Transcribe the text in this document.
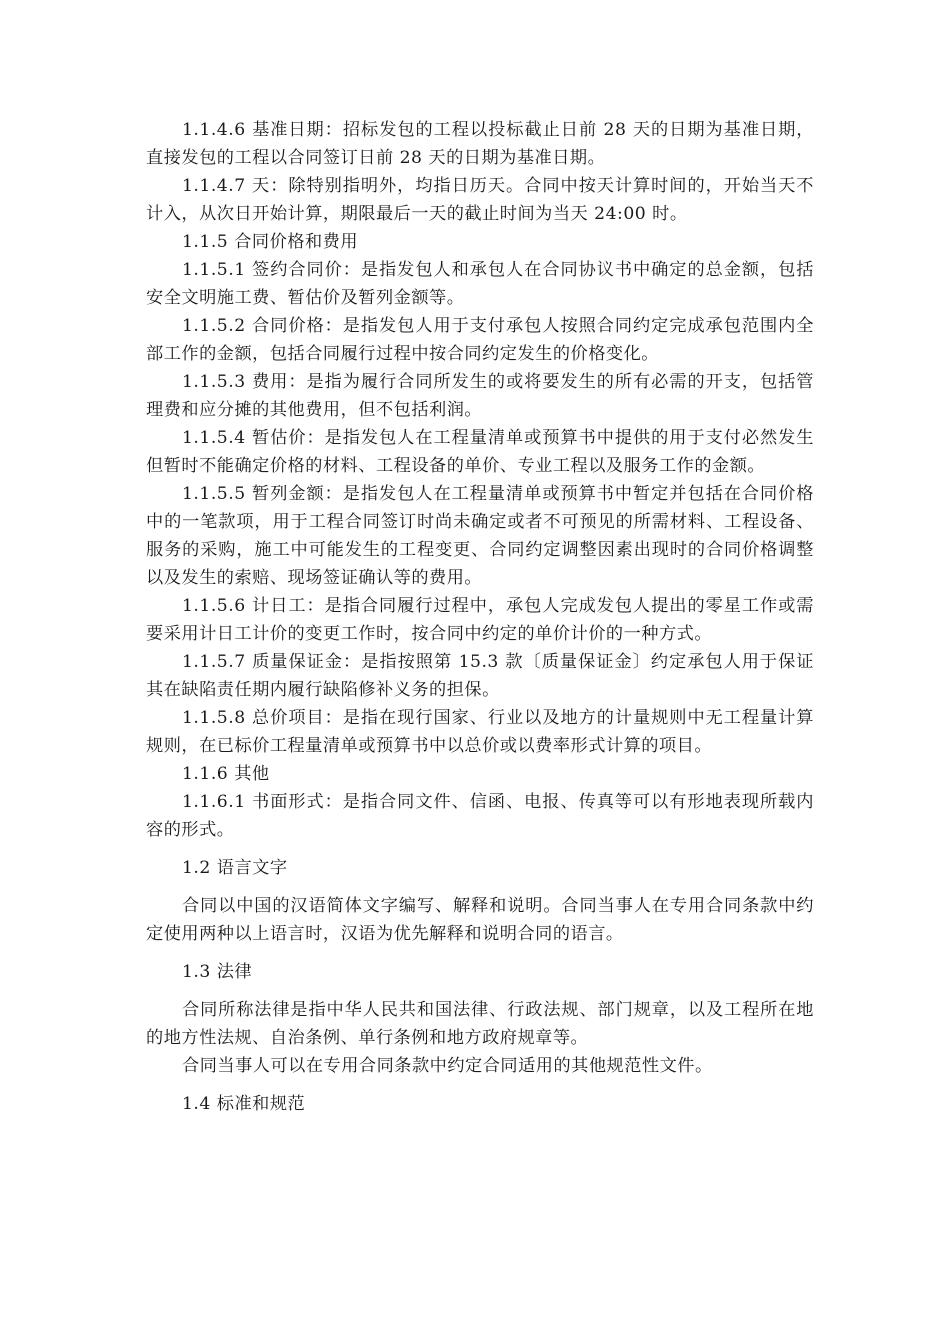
1.1.4.6 基准日期：招标发包的工程以投标截止日前 28 天的日期为基准日期，直接发包的工程以合同签订日前 28 天的日期为基准日期。

1.1.4.7 天：除特别指明外，均指日历天。合同中按天计算时间的，开始当天不计入，从次日开始计算，期限最后一天的截止时间为当天 24:00 时。

1.1.5 合同价格和费用

1.1.5.1 签约合同价：是指发包人和承包人在合同协议书中确定的总金额，包括安全文明施工费、暂估价及暂列金额等。

1.1.5.2 合同价格：是指发包人用于支付承包人按照合同约定完成承包范围内全部工作的金额，包括合同履行过程中按合同约定发生的价格变化。

1.1.5.3 费用：是指为履行合同所发生的或将要发生的所有必需的开支，包括管理费和应分摊的其他费用，但不包括利润。

1.1.5.4 暂估价：是指发包人在工程量清单或预算书中提供的用于支付必然发生但暂时不能确定价格的材料、工程设备的单价、专业工程以及服务工作的金额。

1.1.5.5 暂列金额：是指发包人在工程量清单或预算书中暂定并包括在合同价格中的一笔款项，用于工程合同签订时尚未确定或者不可预见的所需材料、工程设备、服务的采购，施工中可能发生的工程变更、合同约定调整因素出现时的合同价格调整以及发生的索赔、现场签证确认等的费用。

1.1.5.6 计日工：是指合同履行过程中，承包人完成发包人提出的零星工作或需要采用计日工计价的变更工作时，按合同中约定的单价计价的一种方式。

1.1.5.7 质量保证金：是指按照第 15.3 款〔质量保证金〕约定承包人用于保证其在缺陷责任期内履行缺陷修补义务的担保。

1.1.5.8 总价项目：是指在现行国家、行业以及地方的计量规则中无工程量计算规则，在已标价工程量清单或预算书中以总价或以费率形式计算的项目。

1.1.6 其他

1.1.6.1 书面形式：是指合同文件、信函、电报、传真等可以有形地表现所载内容的形式。

1.2 语言文字

合同以中国的汉语简体文字编写、解释和说明。合同当事人在专用合同条款中约定使用两种以上语言时，汉语为优先解释和说明合同的语言。

1.3 法律

合同所称法律是指中华人民共和国法律、行政法规、部门规章，以及工程所在地的地方性法规、自治条例、单行条例和地方政府规章等。

合同当事人可以在专用合同条款中约定合同适用的其他规范性文件。

1.4 标准和规范
